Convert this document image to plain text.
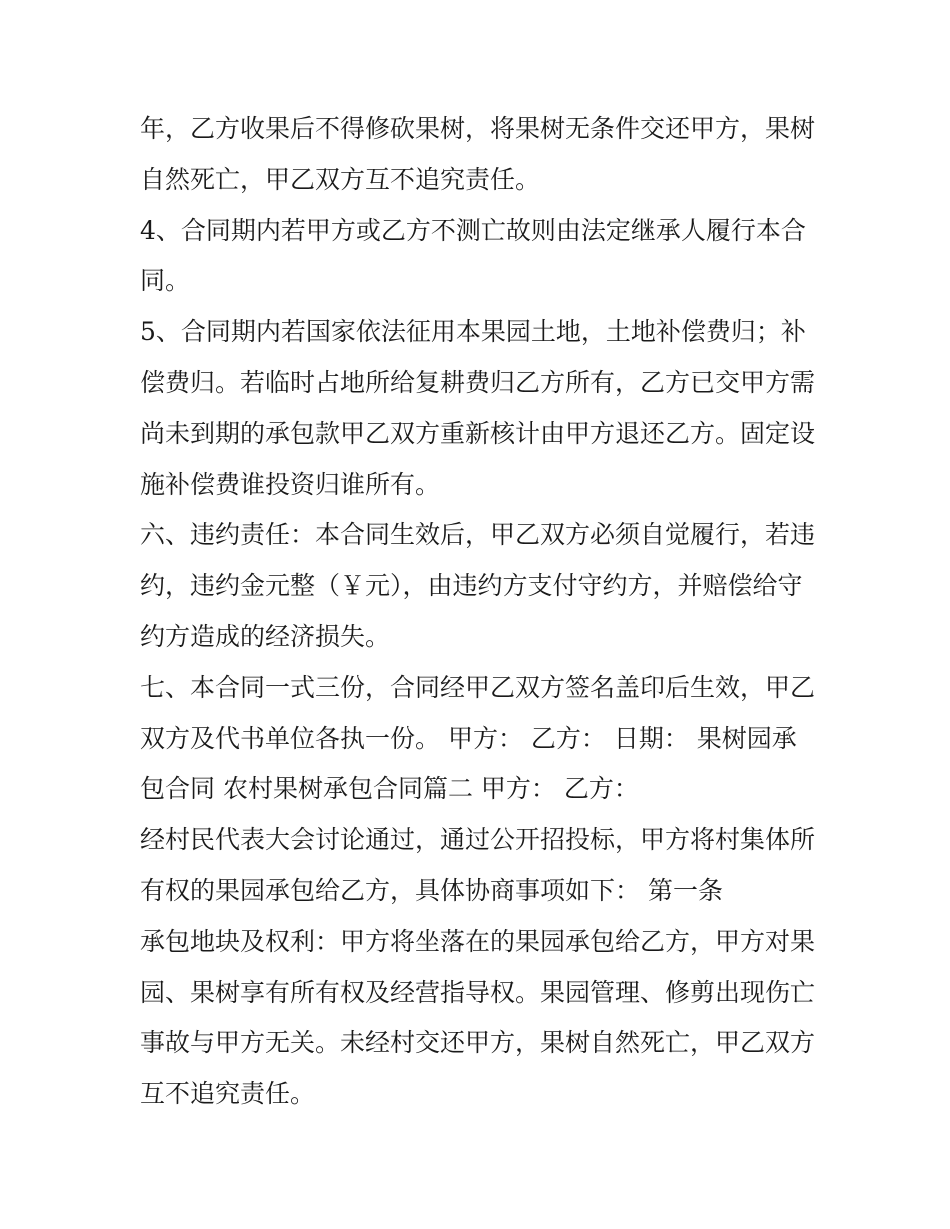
年，乙方收果后不得修砍果树，将果树无条件交还甲方，果树
自然死亡，甲乙双方互不追究责任。
4、合同期内若甲方或乙方不测亡故则由法定继承人履行本合
同。
5、合同期内若国家依法征用本果园土地，土地补偿费归；补
偿费归。若临时占地所给复耕费归乙方所有，乙方已交甲方需
尚未到期的承包款甲乙双方重新核计由甲方退还乙方。固定设
施补偿费谁投资归谁所有。
六、违约责任：本合同生效后，甲乙双方必须自觉履行，若违
约，违约金元整（￥元），由违约方支付守约方，并赔偿给守
约方造成的经济损失。
七、本合同一式三份，合同经甲乙双方签名盖印后生效，甲乙
双方及代书单位各执一份。 甲方： 乙方： 日期： 果树园承
包合同 农村果树承包合同篇二 甲方： 乙方：
经村民代表大会讨论通过，通过公开招投标，甲方将村集体所
有权的果园承包给乙方，具体协商事项如下： 第一条
承包地块及权利：甲方将坐落在的果园承包给乙方，甲方对果
园、果树享有所有权及经营指导权。果园管理、修剪出现伤亡
事故与甲方无关。未经村交还甲方，果树自然死亡，甲乙双方
互不追究责任。
